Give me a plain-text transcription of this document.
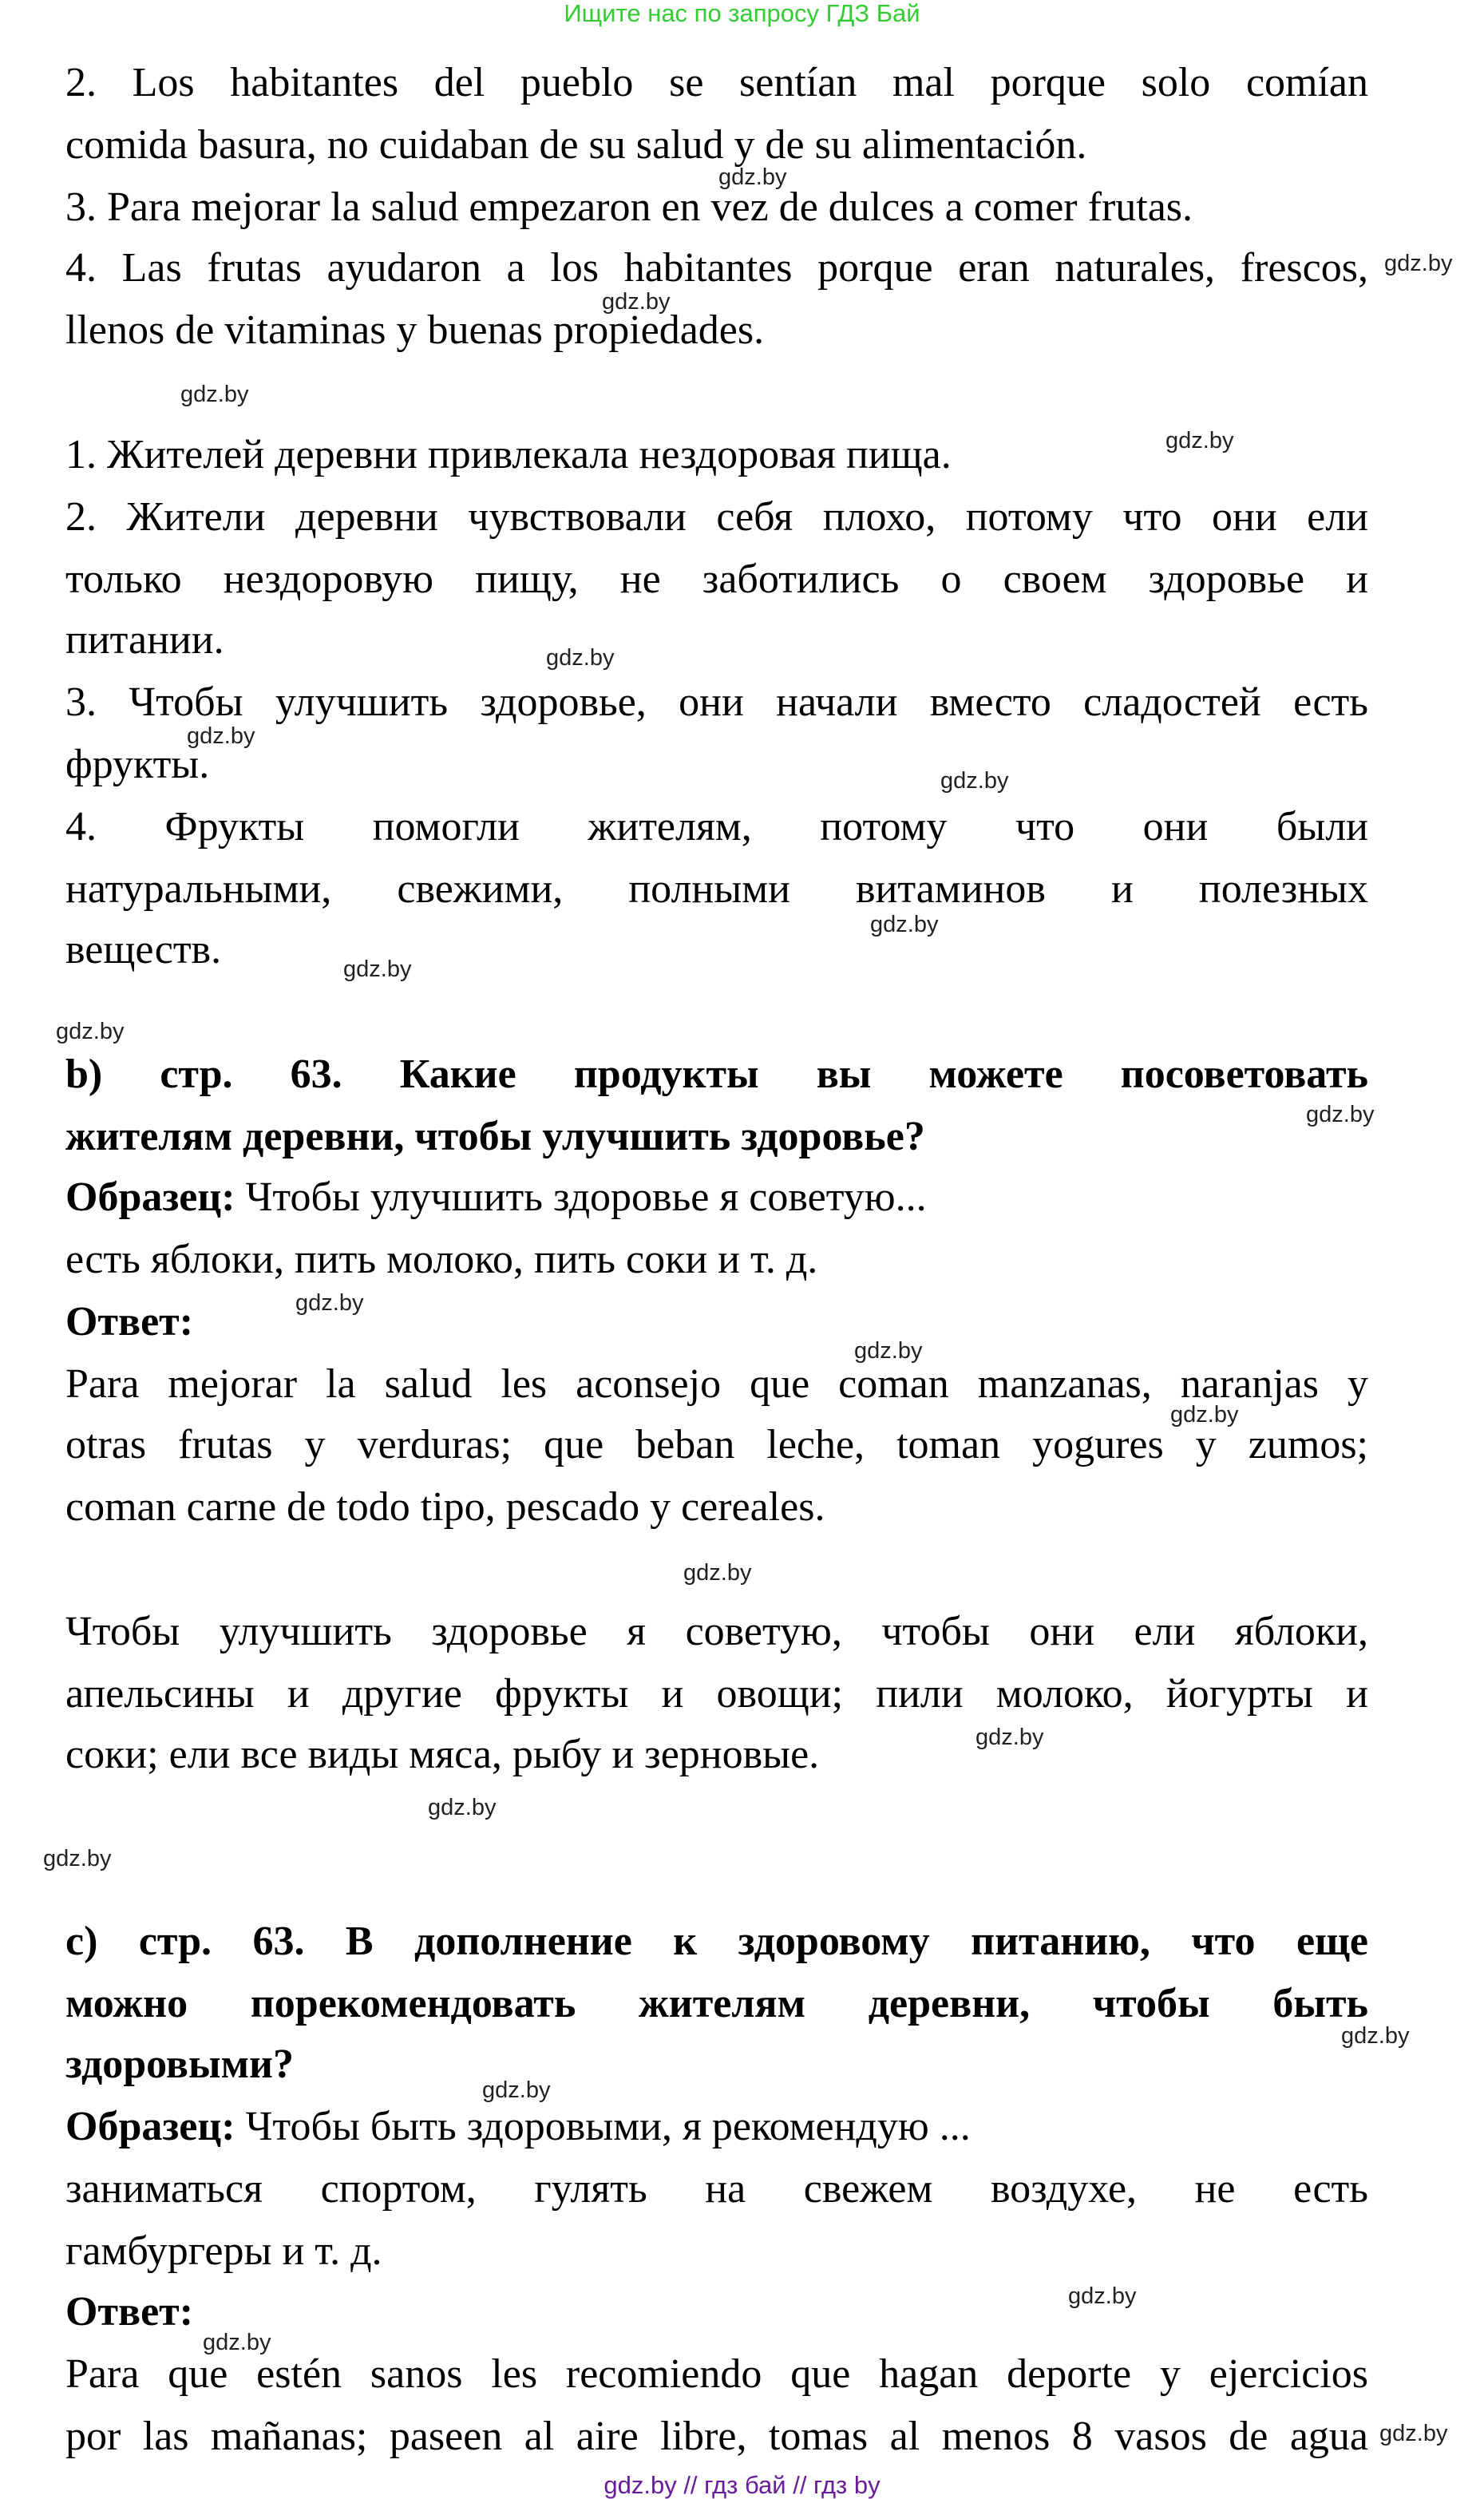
Ищите нас по запросу ГДЗ Бай
2. Los habitantes del pueblo se sentían mal porque solo comían
comida basura, no cuidaban de su salud y de su alimentación.
3. Para mejorar la salud empezaron en vez de dulces a comer frutas.
4. Las frutas ayudaron a los habitantes porque eran naturales, frescos,
llenos de vitaminas y buenas propiedades.
1. Жителей деревни привлекала нездоровая пища.
2. Жители деревни чувствовали себя плохо, потому что они ели
только нездоровую пищу, не заботились о своем здоровье и
питании.
3. Чтобы улучшить здоровье, они начали вместо сладостей есть
фрукты.
4. Фрукты помогли жителям, потому что они были
натуральными, свежими, полными витаминов и полезных
веществ.
b) стр. 63. Какие продукты вы можете посоветовать
жителям деревни, чтобы улучшить здоровье?
Образец: Чтобы улучшить здоровье я советую...
есть яблоки, пить молоко, пить соки и т. д.
Ответ:
Para mejorar la salud les aconsejo que coman manzanas, naranjas y
otras frutas y verduras; que beban leche, toman yogures y zumos;
coman carne de todo tipo, pescado y cereales.
Чтобы улучшить здоровье я советую, чтобы они ели яблоки,
апельсины и другие фрукты и овощи; пили молоко, йогурты и
соки; ели все виды мяса, рыбу и зерновые.
c) стр. 63. В дополнение к здоровому питанию, что еще
можно порекомендовать жителям деревни, чтобы быть
здоровыми?
Образец: Чтобы быть здоровыми, я рекомендую ...
заниматься спортом, гулять на свежем воздухе, не есть
гамбургеры и т. д.
Ответ:
Para que estén sanos les recomiendo que hagan deporte y ejercicios
por las mañanas; paseen al aire libre, tomas al menos 8 vasos de agua
gdz.by
gdz.by
gdz.by
gdz.by
gdz.by
gdz.by
gdz.by
gdz.by
gdz.by
gdz.by
gdz.by
gdz.by
gdz.by
gdz.by
gdz.by
gdz.by
gdz.by
gdz.by
gdz.by
gdz.by
gdz.by
gdz.by
gdz.by
gdz.by
gdz.by // гдз бай // гдз by
